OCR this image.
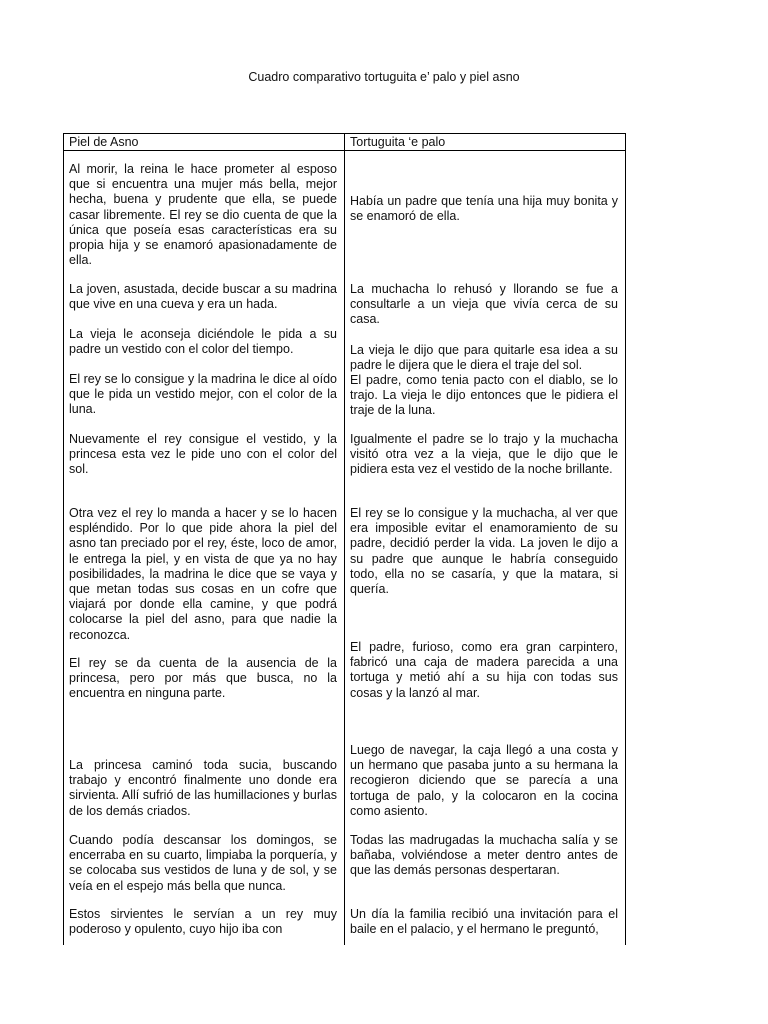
Cuadro comparativo tortuguita e’ palo y piel asno
Piel de Asno	Tortuguita ‘e palo
Al morir, la reina le hace prometer al esposo que si encuentra una mujer más bella, mejor hecha, buena y prudente que ella, se puede casar libremente. El rey se dio cuenta de que la única que poseía esas características era su propia hija y se enamoró apasionadamente de ella.
La joven, asustada, decide buscar a su madrina que vive en una cueva y era un hada.
La vieja le aconseja diciéndole le pida a su padre un vestido con el color del tiempo.
El rey se lo consigue y la madrina le dice al oído que le pida un vestido mejor, con el color de la luna.
Nuevamente el rey consigue el vestido, y la princesa esta vez le pide uno con el color del sol.
Otra vez el rey lo manda a hacer y se lo hacen espléndido. Por lo que pide ahora la piel del asno tan preciado por el rey, éste, loco de amor, le entrega la piel, y en vista de que ya no hay posibilidades, la madrina le dice que se vaya y que metan todas sus cosas en un cofre que viajará por donde ella camine, y que podrá colocarse la piel del asno, para que nadie la reconozca.
El rey se da cuenta de la ausencia de la princesa, pero por más que busca, no la encuentra en ninguna parte.
La princesa caminó toda sucia, buscando trabajo y encontró finalmente uno donde era sirvienta. Allí sufrió de las humillaciones y burlas de los demás criados.
Cuando podía descansar los domingos, se encerraba en su cuarto, limpiaba la porquería, y se colocaba sus vestidos de luna y de sol, y se veía en el espejo más bella que nunca.
Estos sirvientes le servían a un rey muy poderoso y opulento, cuyo hijo iba con
Había un padre que tenía una hija muy bonita y se enamoró de ella.
La muchacha lo rehusó y llorando se fue a consultarle a un vieja que vivía cerca de su casa.
La vieja le dijo que para quitarle esa idea a su padre le dijera que le diera el traje del sol.
El padre, como tenia pacto con el diablo, se lo trajo. La vieja le dijo entonces que le pidiera el traje de la luna.
Igualmente el padre se lo trajo y la muchacha visitó otra vez a la vieja, que le dijo que le pidiera esta vez el vestido de la noche brillante.
El rey se lo consigue y la muchacha, al ver que era imposible evitar el enamoramiento de su padre, decidió perder la vida. La joven le dijo a su padre que aunque le habría conseguido todo, ella no se casaría, y que la matara, si quería.
El padre, furioso, como era gran carpintero, fabricó una caja de madera parecida a una tortuga y metió ahí a su hija con todas sus cosas y la lanzó al mar.
Luego de navegar, la caja llegó a una costa y un hermano que pasaba junto a su hermana la recogieron diciendo que se parecía a una tortuga de palo, y la colocaron en la cocina como asiento.
Todas las madrugadas la muchacha salía y se bañaba, volviéndose a meter dentro antes de que las demás personas despertaran.
Un día la familia recibió una invitación para el baile en el palacio, y el hermano le preguntó,
